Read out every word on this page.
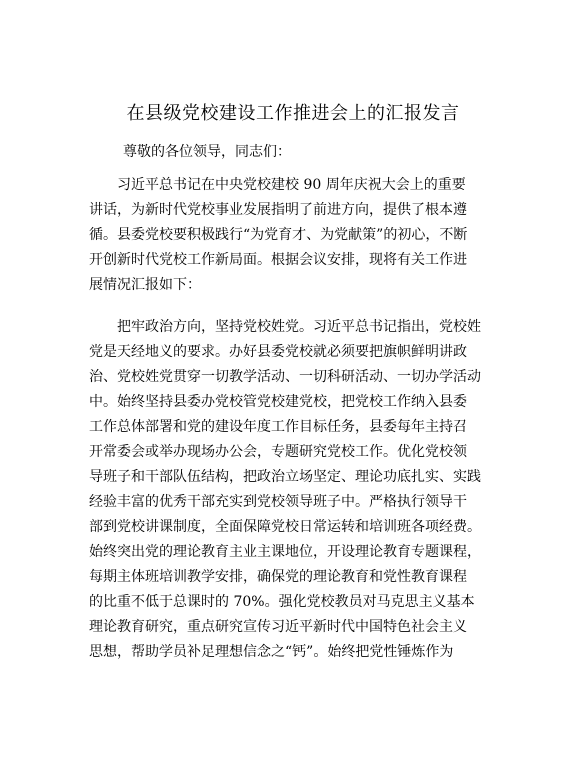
在县级党校建设工作推进会上的汇报发言
尊敬的各位领导，同志们：

习近平总书记在中央党校建校 90 周年庆祝大会上的重要

讲话，为新时代党校事业发展指明了前进方向，提供了根本遵

循。县委党校要积极践行“为党育才、为党献策”的初心，不断

开创新时代党校工作新局面。根据会议安排，现将有关工作进

展情况汇报如下：

把牢政治方向，坚持党校姓党。习近平总书记指出，党校姓

党是天经地义的要求。办好县委党校就必须要把旗帜鲜明讲政

治、党校姓党贯穿一切教学活动、一切科研活动、一切办学活动

中。始终坚持县委办党校管党校建党校，把党校工作纳入县委

工作总体部署和党的建设年度工作目标任务，县委每年主持召

开常委会或举办现场办公会，专题研究党校工作。优化党校领

导班子和干部队伍结构，把政治立场坚定、理论功底扎实、实践

经验丰富的优秀干部充实到党校领导班子中。严格执行领导干

部到党校讲课制度，全面保障党校日常运转和培训班各项经费。

始终突出党的理论教育主业主课地位，开设理论教育专题课程，

每期主体班培训教学安排，确保党的理论教育和党性教育课程

的比重不低于总课时的 70%。强化党校教员对马克思主义基本

理论教育研究，重点研究宣传习近平新时代中国特色社会主义

思想，帮助学员补足理想信念之“钙”。始终把党性锤炼作为
